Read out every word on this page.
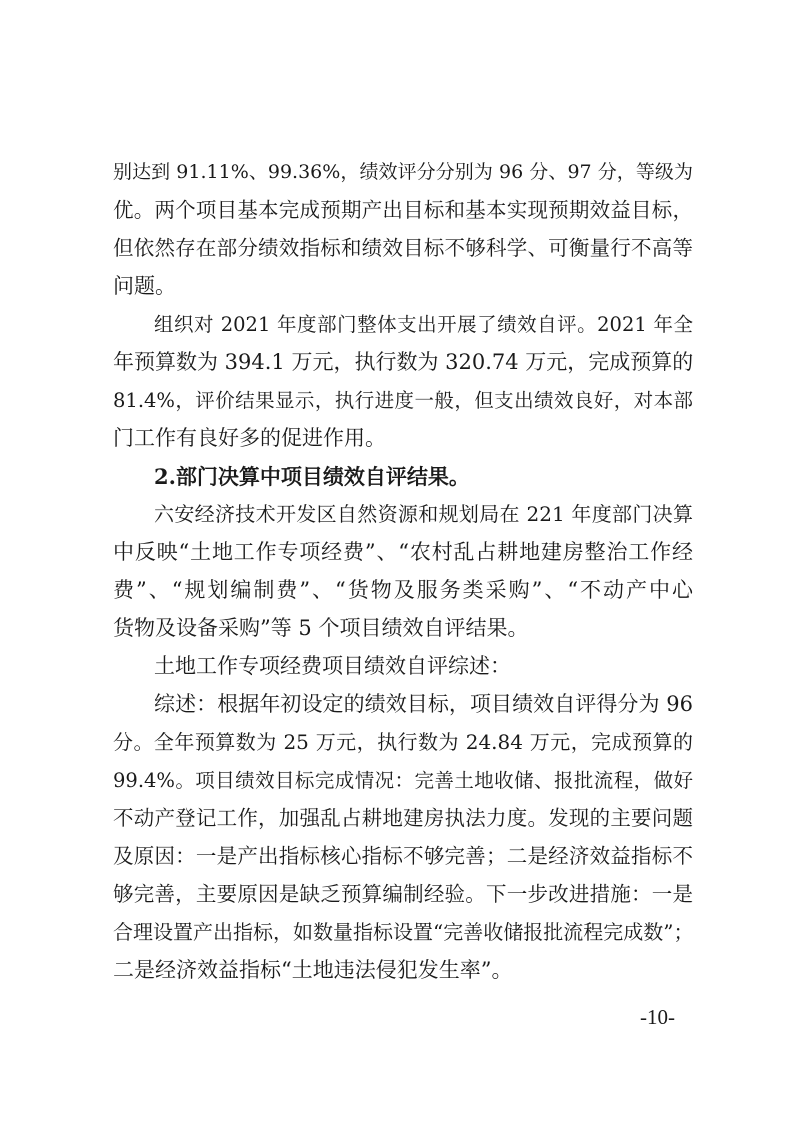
别达到 91.11%、99.36%，绩效评分分别为 96 分、97 分，等级为
优。两个项目基本完成预期产出目标和基本实现预期效益目标，
但依然存在部分绩效指标和绩效目标不够科学、可衡量行不高等
问题。
组织对 2021 年度部门整体支出开展了绩效自评。2021 年全
年预算数为 394.1 万元，执行数为 320.74 万元，完成预算的
81.4%，评价结果显示，执行进度一般，但支出绩效良好，对本部
门工作有良好多的促进作用。
2.部门决算中项目绩效自评结果。
六安经济技术开发区自然资源和规划局在 221 年度部门决算
中反映“土地工作专项经费”、“农村乱占耕地建房整治工作经
费”、“规划编制费”、“货物及服务类采购”、“不动产中心
货物及设备采购”等 5 个项目绩效自评结果。
土地工作专项经费项目绩效自评综述：
综述：根据年初设定的绩效目标，项目绩效自评得分为 96
分。全年预算数为 25 万元，执行数为 24.84 万元，完成预算的
99.4%。项目绩效目标完成情况：完善土地收储、报批流程，做好
不动产登记工作，加强乱占耕地建房执法力度。发现的主要问题
及原因：一是产出指标核心指标不够完善；二是经济效益指标不
够完善，主要原因是缺乏预算编制经验。下一步改进措施：一是
合理设置产出指标，如数量指标设置“完善收储报批流程完成数”；
二是经济效益指标“土地违法侵犯发生率”。
-10-
